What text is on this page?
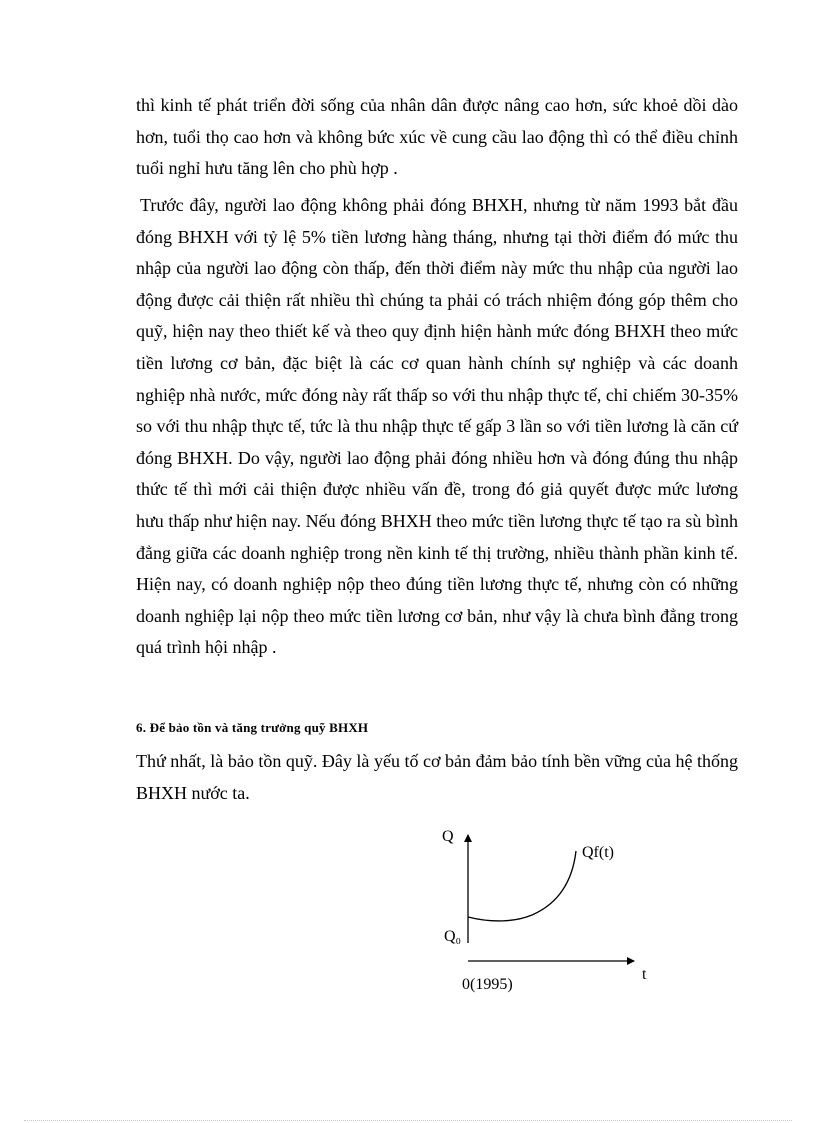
thì kinh tế phát triển đời sống của nhân dân được nâng cao hơn, sức khoẻ dồi dào hơn, tuổi thọ cao hơn và không bức xúc về cung cầu lao động thì có thể điều chỉnh tuổi nghỉ hưu tăng lên cho phù hợp .

Trước đây, người lao động không phải đóng BHXH, nhưng từ năm 1993 bắt đầu đóng BHXH với tỷ lệ 5% tiền lương hàng tháng, nhưng tại thời điểm đó mức thu nhập của người lao động còn thấp, đến thời điểm này mức thu nhập của người lao động được cải thiện rất nhiều thì chúng ta phải có trách nhiệm đóng góp thêm cho quỹ, hiện nay theo thiết kế và theo quy định hiện hành mức đóng BHXH theo mức tiền lương cơ bản, đặc biệt là các cơ quan hành chính sự nghiệp và các doanh nghiệp nhà nước, mức đóng này rất thấp so với thu nhập thực tế, chỉ chiếm 30-35% so với thu nhập thực tế, tức là thu nhập thực tế gấp 3 lần so với tiền lương là căn cứ đóng BHXH. Do vậy, người lao động phải đóng nhiều hơn và đóng đúng thu nhập thức tế thì mới cải thiện được nhiều vấn đề, trong đó giả quyết được mức lương hưu thấp như hiện nay. Nếu đóng BHXH theo mức tiền lương thực tế tạo ra sù bình đẳng giữa các doanh nghiệp trong nền kinh tế thị trường, nhiều thành phần kinh tế. Hiện nay, có doanh nghiệp nộp theo đúng tiền lương thực tế, nhưng còn có những doanh nghiệp lại nộp theo mức tiền lương cơ bản, như vậy là chưa bình đẳng trong quá trình hội nhập .

6. Để bảo tồn và tăng trưởng quỹ BHXH

Thứ nhất, là bảo tồn quỹ. Đây là yếu tố cơ bản đảm bảo tính bền vững của hệ thống BHXH nước ta.

Q
Qf(t)
Q₀
t
0(1995)
